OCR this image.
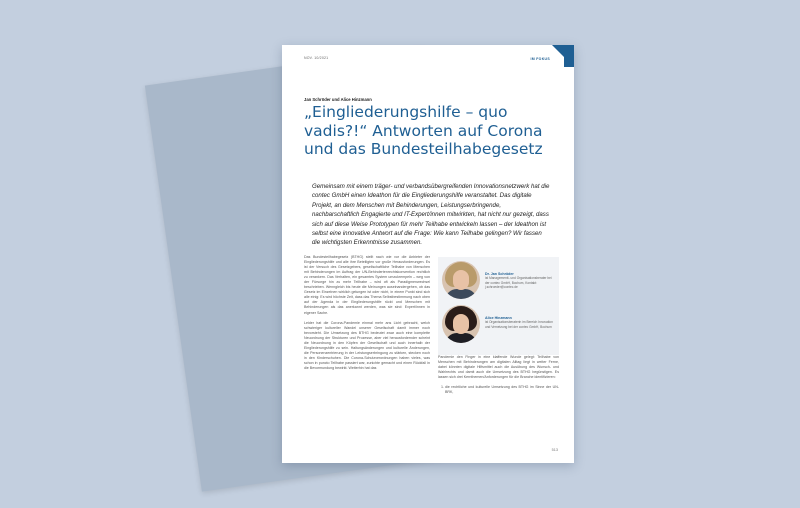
NOV. 10/2021	IM FOKUS
Jan Schröder und Alice Hinzmann
„Eingliederungshilfe – quo vadis?!“ Antworten auf Corona und das Bundesteilhabegesetz
Gemeinsam mit einem träger- und verbandsübergreifenden Innovationsnetzwerk hat die contec GmbH einen Ideathon für die Eingliederungshilfe veranstaltet. Das digitale Projekt, an dem Menschen mit Behinderungen, Leistungserbringende, nachbarschaftlich Engagierte und IT-Expert/innen mitwirkten, hat nicht nur gezeigt, dass sich auf diese Weise Prototypen für mehr Teilhabe entwickeln lassen – der Ideathon ist selbst eine innovative Antwort auf die Frage: Wie kann Teilhabe gelingen? Wir fassen die wichtigsten Erkenntnisse zusammen.

Das Bundesteilhabegesetz (BTHG) stellt nach wie vor die Anbieter der Eingliederungshilfe und alle ihre Beteiligten vor große Herausforderungen. Es ist der Versuch des Gesetzgebers, gesellschaftliche Teilhabe von Menschen mit Behinderungen im Auftrag der UN-Behindertenrechtskonvention rechtlich zu verankern. Das Verhalten, ein gesamtes System umzukrempeln – weg von der Fürsorge hin zu mehr Teilhabe – wird oft als Paradigmenwechsel beschrieben. Wenngleich bis heute die Meinungen auseinandergehen, ob das Gesetz im Einzelnen wirklich gelungen ist oder nicht, in einem Punkt sind sich alle einig: Es wird höchste Zeit, dass das Thema Selbstbestimmung nach oben auf der Agenda in der Eingliederungshilfe rückt und Menschen mit Behinderungen als das anerkannt werden, was sie sind: Expert/innen in eigener Sache.

Leider hat die Corona-Pandemie einmal mehr ans Licht gebracht, welch schwieriger kultureller Wandel unserer Gesellschaft damit immer noch bevorsteht. Die Umsetzung des BTHG bedeutet zwar auch eine komplette Neuordnung der Strukturen und Prozesse, aber viel herausfordernder scheint die Neuordnung in den Köpfen der Gesellschaft und auch innerhalb der Eingliederungshilfe zu sein. Haltungsänderungen und kulturelle Änderungen, die Personenzentrierung in der Leistungserbringung zu stärken, stecken noch in den Kinderschuhen. Die Corona-Schutzverordnungen haben vieles, was schon in puncto Teilhabe passiert war, zunichte gemacht und einen Rückfall in die Bevormundung bewirkt. Weiterhin hat das

Dr. Jan Schröder
ist Managementt- und Organisationsberater bei der contec GmbH, Bochum, Kontakt: j.schroeder@contec.de
Alice Hinzmann
ist Organisationsberaterin im Bereich Innovation und Vernetzung bei der contec GmbH, Bochum

Pandemie den Finger in eine klaffende Wunde gelegt: Teilhabe von Menschen mit Behinderungen am digitalen Alltag liegt in weiter Ferne, dabei könnten digitale Hilfsmittel auch die Ausübung des Wunsch- und Wahlrechts und damit auch die Umsetzung des BTHG begünstigen. Es lassen sich drei Kernthemen/Anforderungen für die Branche identifizieren:

1. die rechtliche und kulturelle Umsetzung des BTHG im Sinne der UN-BRK,
513
